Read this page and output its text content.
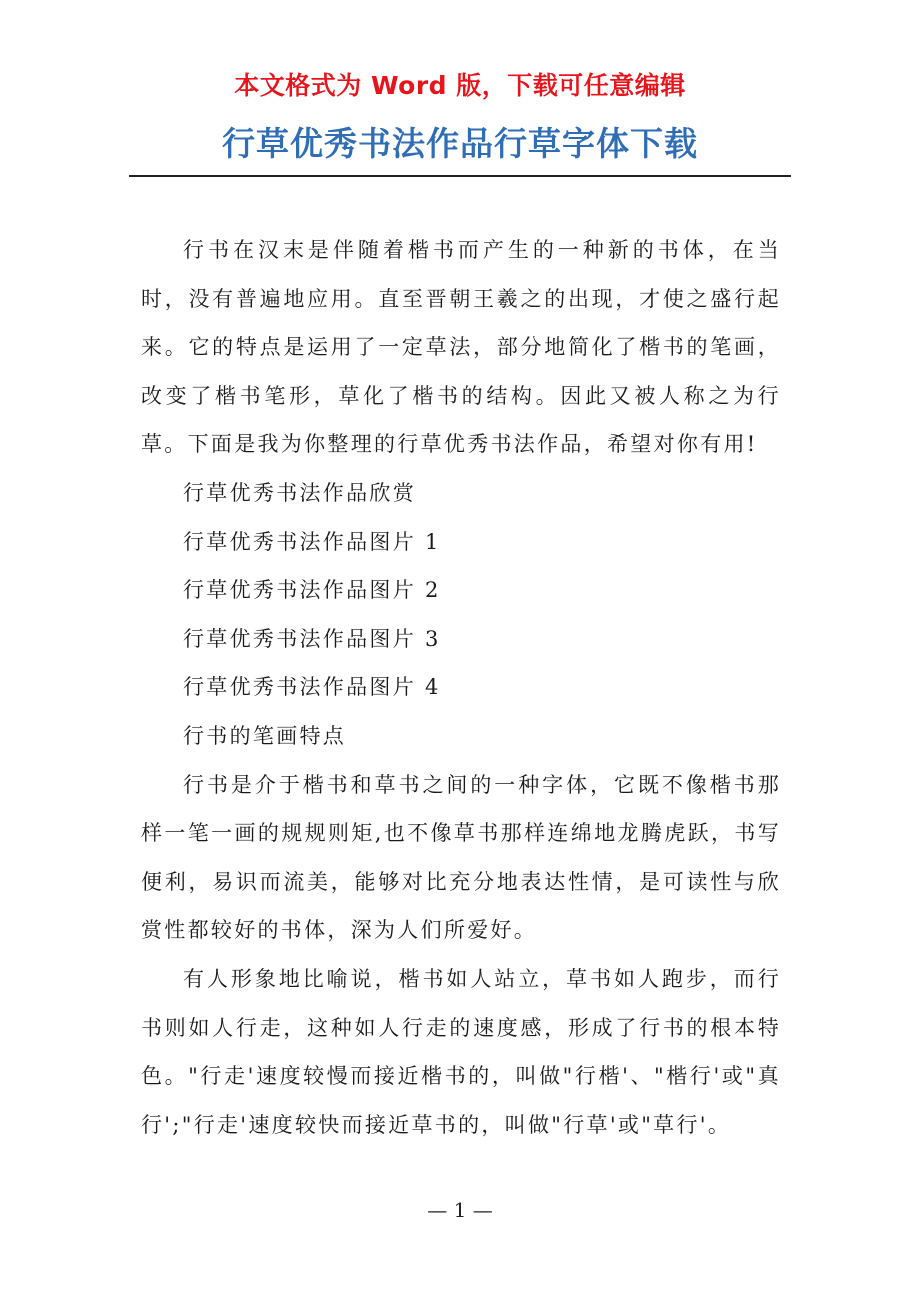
本文格式为 Word 版，下载可任意编辑
行草优秀书法作品行草字体下载

行书在汉末是伴随着楷书而产生的一种新的书体，在当时，没有普遍地应用。直至晋朝王羲之的出现，才使之盛行起来。它的特点是运用了一定草法，部分地简化了楷书的笔画，改变了楷书笔形，草化了楷书的结构。因此又被人称之为行草。下面是我为你整理的行草优秀书法作品，希望对你有用!

行草优秀书法作品欣赏

行草优秀书法作品图片 1

行草优秀书法作品图片 2

行草优秀书法作品图片 3

行草优秀书法作品图片 4

行书的笔画特点

行书是介于楷书和草书之间的一种字体，它既不像楷书那样一笔一画的规规则矩,也不像草书那样连绵地龙腾虎跃，书写便利，易识而流美，能够对比充分地表达性情，是可读性与欣赏性都较好的书体，深为人们所爱好。

有人形象地比喻说，楷书如人站立，草书如人跑步，而行书则如人行走，这种如人行走的速度感，形成了行书的根本特色。"行走'速度较慢而接近楷书的，叫做"行楷'、"楷行'或"真行';"行走'速度较快而接近草书的，叫做"行草'或"草行'。

— 1 —
